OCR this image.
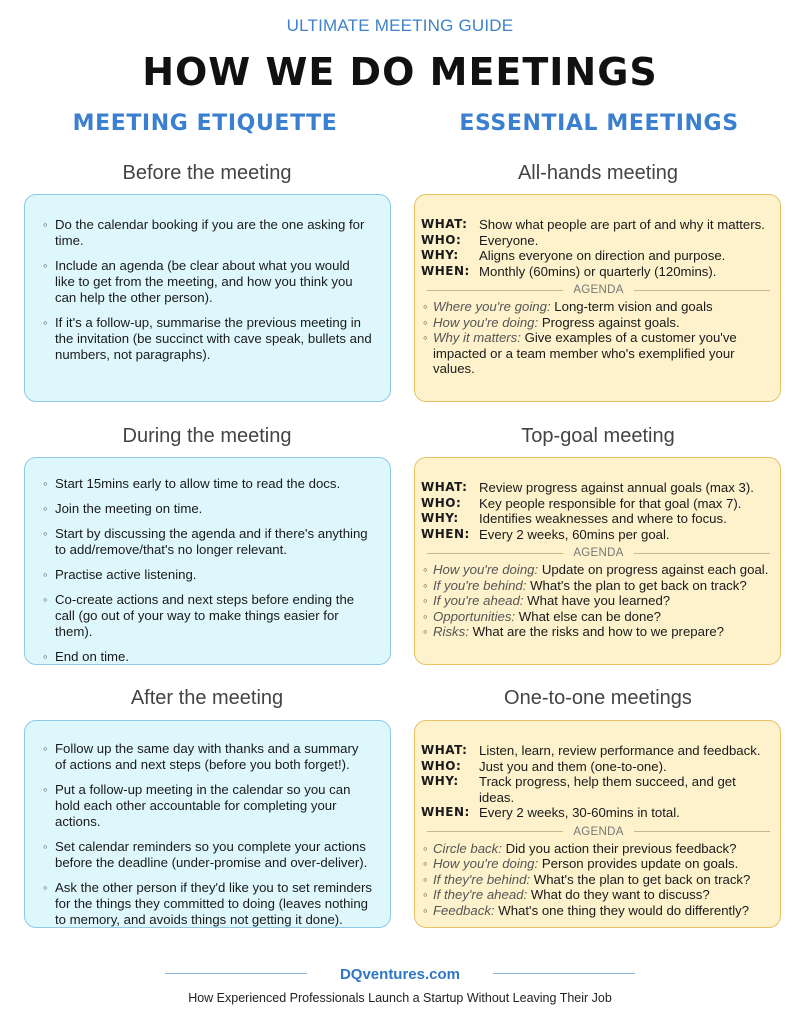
ULTIMATE MEETING GUIDE
HOW WE DO MEETINGS
MEETING ETIQUETTE	ESSENTIAL MEETINGS
Before the meeting
◦ Do the calendar booking if you are the one asking for time.
◦ Include an agenda (be clear about what you would like to get from the meeting, and how you think you can help the other person).
◦ If it's a follow-up, summarise the previous meeting in the invitation (be succinct with cave speak, bullets and numbers, not paragraphs).
During the meeting
◦ Start 15mins early to allow time to read the docs.
◦ Join the meeting on time.
◦ Start by discussing the agenda and if there's anything to add/remove/that's no longer relevant.
◦ Practise active listening.
◦ Co-create actions and next steps before ending the call (go out of your way to make things easier for them).
◦ End on time.
After the meeting
◦ Follow up the same day with thanks and a summary of actions and next steps (before you both forget!).
◦ Put a follow-up meeting in the calendar so you can hold each other accountable for completing your actions.
◦ Set calendar reminders so you complete your actions before the deadline (under-promise and over-deliver).
◦ Ask the other person if they'd like you to set reminders for the things they committed to doing (leaves nothing to memory, and avoids things not getting it done).
All-hands meeting
WHAT: Show what people are part of and why it matters.
WHO:	Everyone.
WHY:	Aligns everyone on direction and purpose.
WHEN: Monthly (60mins) or quarterly (120mins).
AGENDA
◦ Where you're going: Long-term vision and goals
◦ How you're doing: Progress against goals.
◦ Why it matters: Give examples of a customer you've impacted or a team member who's exemplified your values.
Top-goal meeting
WHAT: Review progress against annual goals (max 3).
WHO:	Key people responsible for that goal (max 7).
WHY:	Identifies weaknesses and where to focus.
WHEN: Every 2 weeks, 60mins per goal.
AGENDA
◦ How you're doing: Update on progress against each goal.
◦ If you're behind: What's the plan to get back on track?
◦ If you're ahead: What have you learned?
◦ Opportunities: What else can be done?
◦ Risks: What are the risks and how to we prepare?
One-to-one meetings
WHAT: Listen, learn, review performance and feedback.
WHO:	Just you and them (one-to-one).
WHY:	Track progress, help them succeed, and get ideas.
WHEN: Every 2 weeks, 30-60mins in total.
AGENDA
◦ Circle back: Did you action their previous feedback?
◦ How you're doing: Person provides update on goals.
◦ If they're behind: What's the plan to get back on track?
◦ If they're ahead: What do they want to discuss?
◦ Feedback: What's one thing they would do differently?
DQventures.com
How Experienced Professionals Launch a Startup Without Leaving Their Job
